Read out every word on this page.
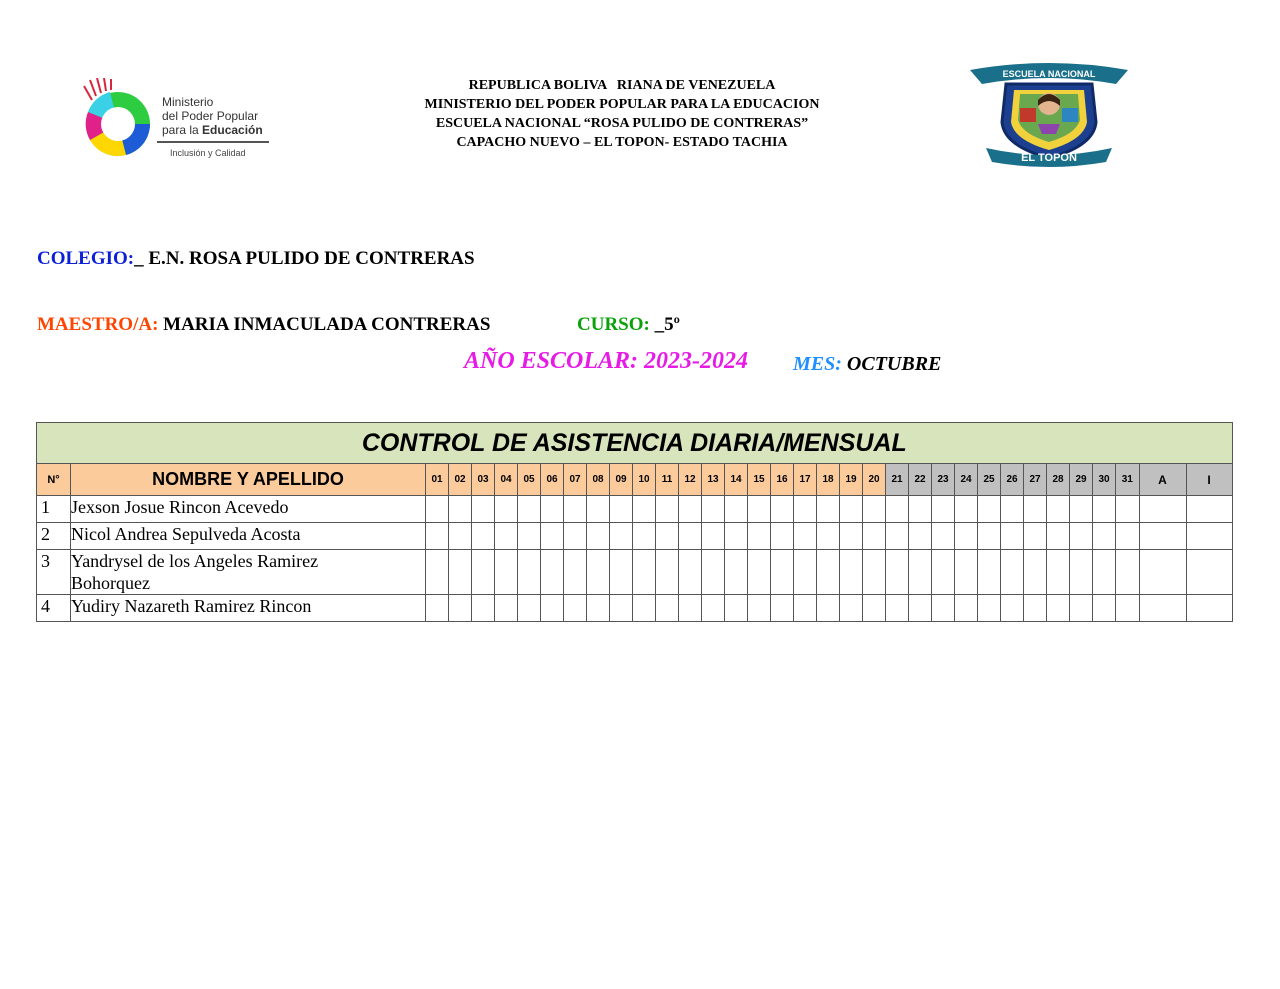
Ministerio
del Poder Popular
para la Educación
Inclusión y Calidad
REPUBLICA BOLIVA   RIANA DE VENEZUELA
MINISTERIO DEL PODER POPULAR PARA LA EDUCACION
ESCUELA NACIONAL “ROSA PULIDO DE CONTRERAS”
CAPACHO NUEVO – EL TOPON- ESTADO TACHIA
ESCUELA NACIONAL
EL TOPON
COLEGIO:_ E.N. ROSA PULIDO DE CONTRERAS
MAESTRO/A: MARIA INMACULADA CONTRERAS	CURSO: _5º
AÑO ESCOLAR: 2023-2024 MES: OCTUBRE
CONTROL DE ASISTENCIA DIARIA/MENSUAL																																		
N°	NOMBRE Y APELLIDO	01	02	03	04	05	06	07	08	09	10	11	12	13	14	15	16	17	18	19	20	21	22	23	24	25	26	27	28	29	30	31	A	I
1	Jexson Josue Rincon Acevedo																																	
2	Nicol Andrea Sepulveda Acosta																																	
3	Yandrysel de los Angeles Ramirez Bohorquez																																	
4	Yudiry Nazareth Ramirez Rincon																																	
